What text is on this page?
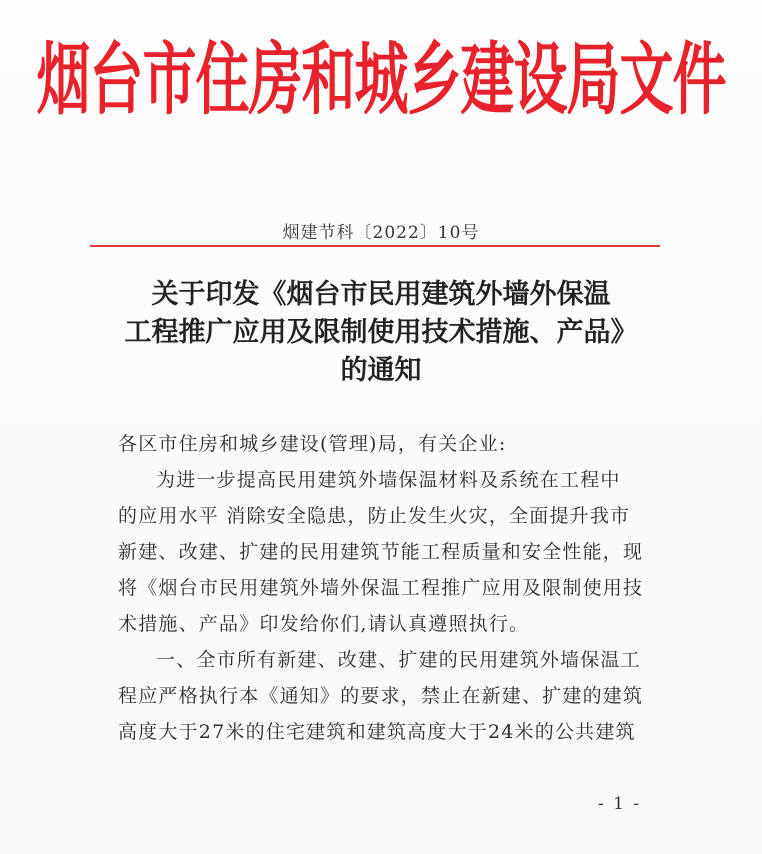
烟台市住房和城乡建设局文件
烟建节科〔2022〕10号
关于印发《烟台市民用建筑外墙外保温
工程推广应用及限制使用技术措施、产品》
的通知
各区市住房和城乡建设(管理)局，有关企业:
为进一步提高民用建筑外墙保温材料及系统在工程中
的应用水平 消除安全隐患，防止发生火灾，全面提升我市
新建、改建、扩建的民用建筑节能工程质量和安全性能，现
将《烟台市民用建筑外墙外保温工程推广应用及限制使用技
术措施、产品》印发给你们,请认真遵照执行。
一、全市所有新建、改建、扩建的民用建筑外墙保温工
程应严格执行本《通知》的要求，禁止在新建、扩建的建筑
高度大于27米的住宅建筑和建筑高度大于24米的公共建筑
- 1 -
